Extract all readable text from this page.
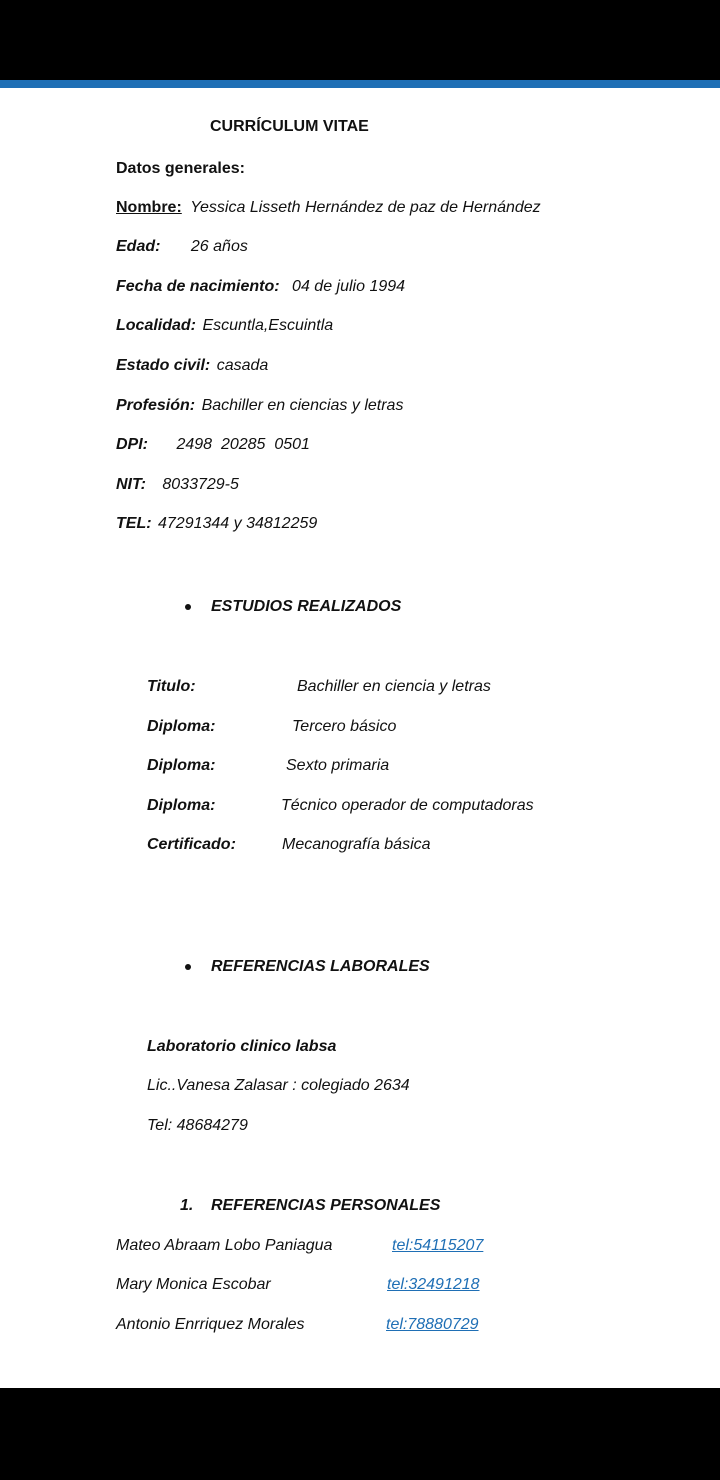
CURRÍCULUM VITAE
Datos generales:
Nombre: Yessica Lisseth Hernández de paz de Hernández
Edad: 26 años
Fecha de nacimiento: 04 de julio 1994
Localidad: Escuntla,Escuintla
Estado civil: casada
Profesión: Bachiller en ciencias y letras
DPI: 2498  20285  0501
NIT: 8033729-5
TEL: 47291344 y 34812259
ESTUDIOS REALIZADOS
Titulo:	Bachiller en ciencia y letras
Diploma:	Tercero básico
Diploma:	Sexto primaria
Diploma:	Técnico operador de computadoras
Certificado:	Mecanografía básica
REFERENCIAS LABORALES
Laboratorio clinico labsa
Lic..Vanesa Zalasar : colegiado 2634
Tel: 48684279
1. REFERENCIAS PERSONALES
Mateo Abraam Lobo Paniagua	tel:54115207
Mary Monica Escobar	tel:32491218
Antonio Enrriquez Morales	tel:78880729
